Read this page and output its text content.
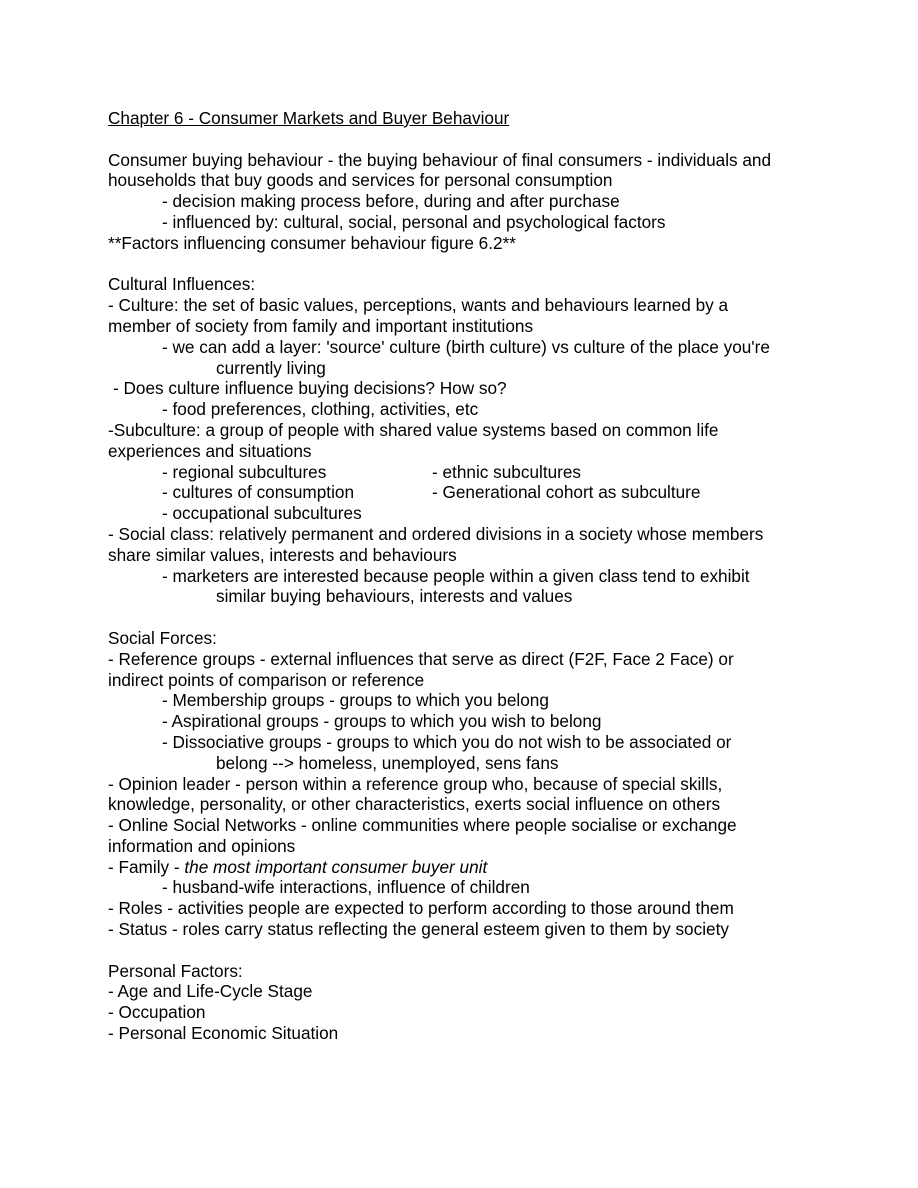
Chapter 6 - Consumer Markets and Buyer Behaviour
Consumer buying behaviour - the buying behaviour of final consumers - individuals and
households that buy goods and services for personal consumption
- decision making process before, during and after purchase
- influenced by: cultural, social, personal and psychological factors
**Factors influencing consumer behaviour figure 6.2**
Cultural Influences:
- Culture: the set of basic values, perceptions, wants and behaviours learned by a
member of society from family and important institutions
- we can add a layer: 'source' culture (birth culture) vs culture of the place you're
currently living
- Does culture influence buying decisions? How so?
- food preferences, clothing, activities, etc
-Subculture: a group of people with shared value systems based on common life
experiences and situations
- regional subcultures	- ethnic subcultures
- cultures of consumption	- Generational cohort as subculture
- occupational subcultures
- Social class: relatively permanent and ordered divisions in a society whose members
share similar values, interests and behaviours
- marketers are interested because people within a given class tend to exhibit
similar buying behaviours, interests and values
Social Forces:
- Reference groups - external influences that serve as direct (F2F, Face 2 Face) or
indirect points of comparison or reference
- Membership groups - groups to which you belong
- Aspirational groups - groups to which you wish to belong
- Dissociative groups - groups to which you do not wish to be associated or
belong --> homeless, unemployed, sens fans
- Opinion leader - person within a reference group who, because of special skills,
knowledge, personality, or other characteristics, exerts social influence on others
- Online Social Networks - online communities where people socialise or exchange
information and opinions
- Family - the most important consumer buyer unit
- husband-wife interactions, influence of children
- Roles - activities people are expected to perform according to those around them
- Status - roles carry status reflecting the general esteem given to them by society
Personal Factors:
- Age and Life-Cycle Stage
- Occupation
- Personal Economic Situation
